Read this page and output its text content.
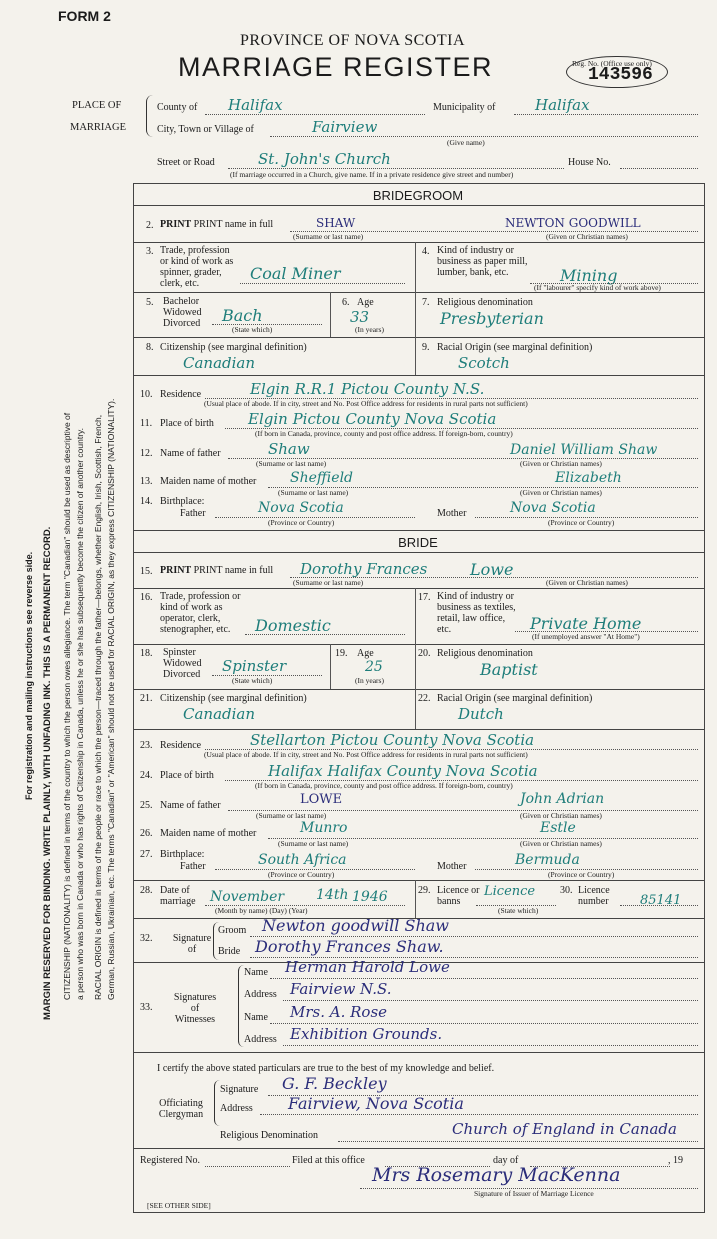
FORM 2
PROVINCE OF NOVA SCOTIA
MARRIAGE REGISTER	Reg. No. (Office use only)
143596
For registration and mailing instructions see reverse side. MARGIN RESERVED FOR BINDING. WRITE PLAINLY, WITH UNFADING INK. THIS IS A PERMANENT RECORD. CITIZENSHIP (NATIONALITY) is defined in terms of the country to which the person owes allegiance. The term "Canadian" should be used as descriptive of a person who was born in Canada or who has rights of Citizenship in Canada, unless he or she has subsequently become the citizen of another country. RACIAL ORIGIN is defined in terms of the people or race to which the person—traced through the father—belongs, whether English, Irish, Scottish, French, German, Russian, Ukrainian, etc. The terms "Canadian" or "American" should not be used for RACIAL ORIGIN, as they express CITIZENSHIP (NATIONALITY).
PLACE OF
MARRIAGE
County of Halifax	Municipality of	Halifax
City, Town or Village of	Fairview
(Give name)
Street or Road	St. John's Church	House No.
(If marriage occurred in a Church, give name. If in a private residence give street and number)
BRIDEGROOM
2. PRINT PRINT name in full	SHAW	NEWTON GOODWILL
(Surname or last name)	(Given or Christian names)
3. Trade, profession or kind of work as spinner, grader, clerk, etc.
Coal Miner
4. Kind of industry or business as paper mill, lumber, bank, etc.	Mining
(If "labourer" specify kind of work above)
5. Bachelor Widowed Divorced	Bach
(State which)
6. Age
33
(In years)
7. Religious denomination
Presbyterian
8. Citizenship (see marginal definition)
Canadian
9. Racial Origin (see marginal definition)
Scotch
10. Residence	Elgin R.R.1 Pictou County N.S.
(Usual place of abode. If in city, street and No. Post Office address for residents in rural parts not sufficient)
11. Place of birth Elgin Pictou County Nova Scotia
(If born in Canada, province, county and post office address. If foreign-born, country)
12. Name of father	Shaw	Daniel William Shaw
(Surname or last name)	(Given or Christian names)
13. Maiden name of mother Sheffield	Elizabeth
(Surname or last name)	(Given or Christian names)
14. Birthplace:
Father	Nova Scotia
(Province or Country)
Mother	Nova Scotia
(Province or Country)
BRIDE
15. PRINT PRINT name in full Dorothy Frances	Lowe
(Surname or last name)	(Given or Christian names)
16. Trade, profession or kind of work as operator, clerk, stenographer, etc.	Domestic
17. Kind of industry or business as textiles, retail, law office, etc.	Private Home
(If unemployed answer "At Home")
18. Spinster Widowed Divorced	Spinster
(State which)
19. Age
25
(In years)
20. Religious denomination
Baptist
21. Citizenship (see marginal definition)
Canadian
22. Racial Origin (see marginal definition)
Dutch
23. Residence	Stellarton Pictou County Nova Scotia
(Usual place of abode. If in city, street and No. Post Office address for residents in rural parts not sufficient)
24. Place of birth	Halifax Halifax County Nova Scotia
(If born in Canada, province, county and post office address. If foreign-born, country)
25. Name of father	LOWE	John Adrian
(Surname or last name)	(Given or Christian names)
26. Maiden name of mother	Munro	Estle
(Surname or last name)	(Given or Christian names)
27. Birthplace:
Father	South Africa
(Province or Country)
Mother	Bermuda
(Province or Country)
28. Date of marriage	November 14th 1946
(Month by name) (Day) (Year)
29. Licence or banns
Licence
(State which)
30. Licence number	85141
32. Signature of
Groom Newton goodwill Shaw
Bride Dorothy Frances Shaw.
33.
Signatures of Witnesses
Name Herman Harold Lowe
Address Fairview N.S.
Name Mrs. A. Rose
Address Exhibition Grounds.
I certify the above stated particulars are true to the best of my knowledge and belief.
Officiating Clergyman
Signature G. F. Beckley
Address Fairview, Nova Scotia
Religious Denomination	Church of England in Canada
Registered No.	Filed at this office	day of	, 19
Mrs Rosemary MacKenna
Signature of Issuer of Marriage Licence
[SEE OTHER SIDE]
